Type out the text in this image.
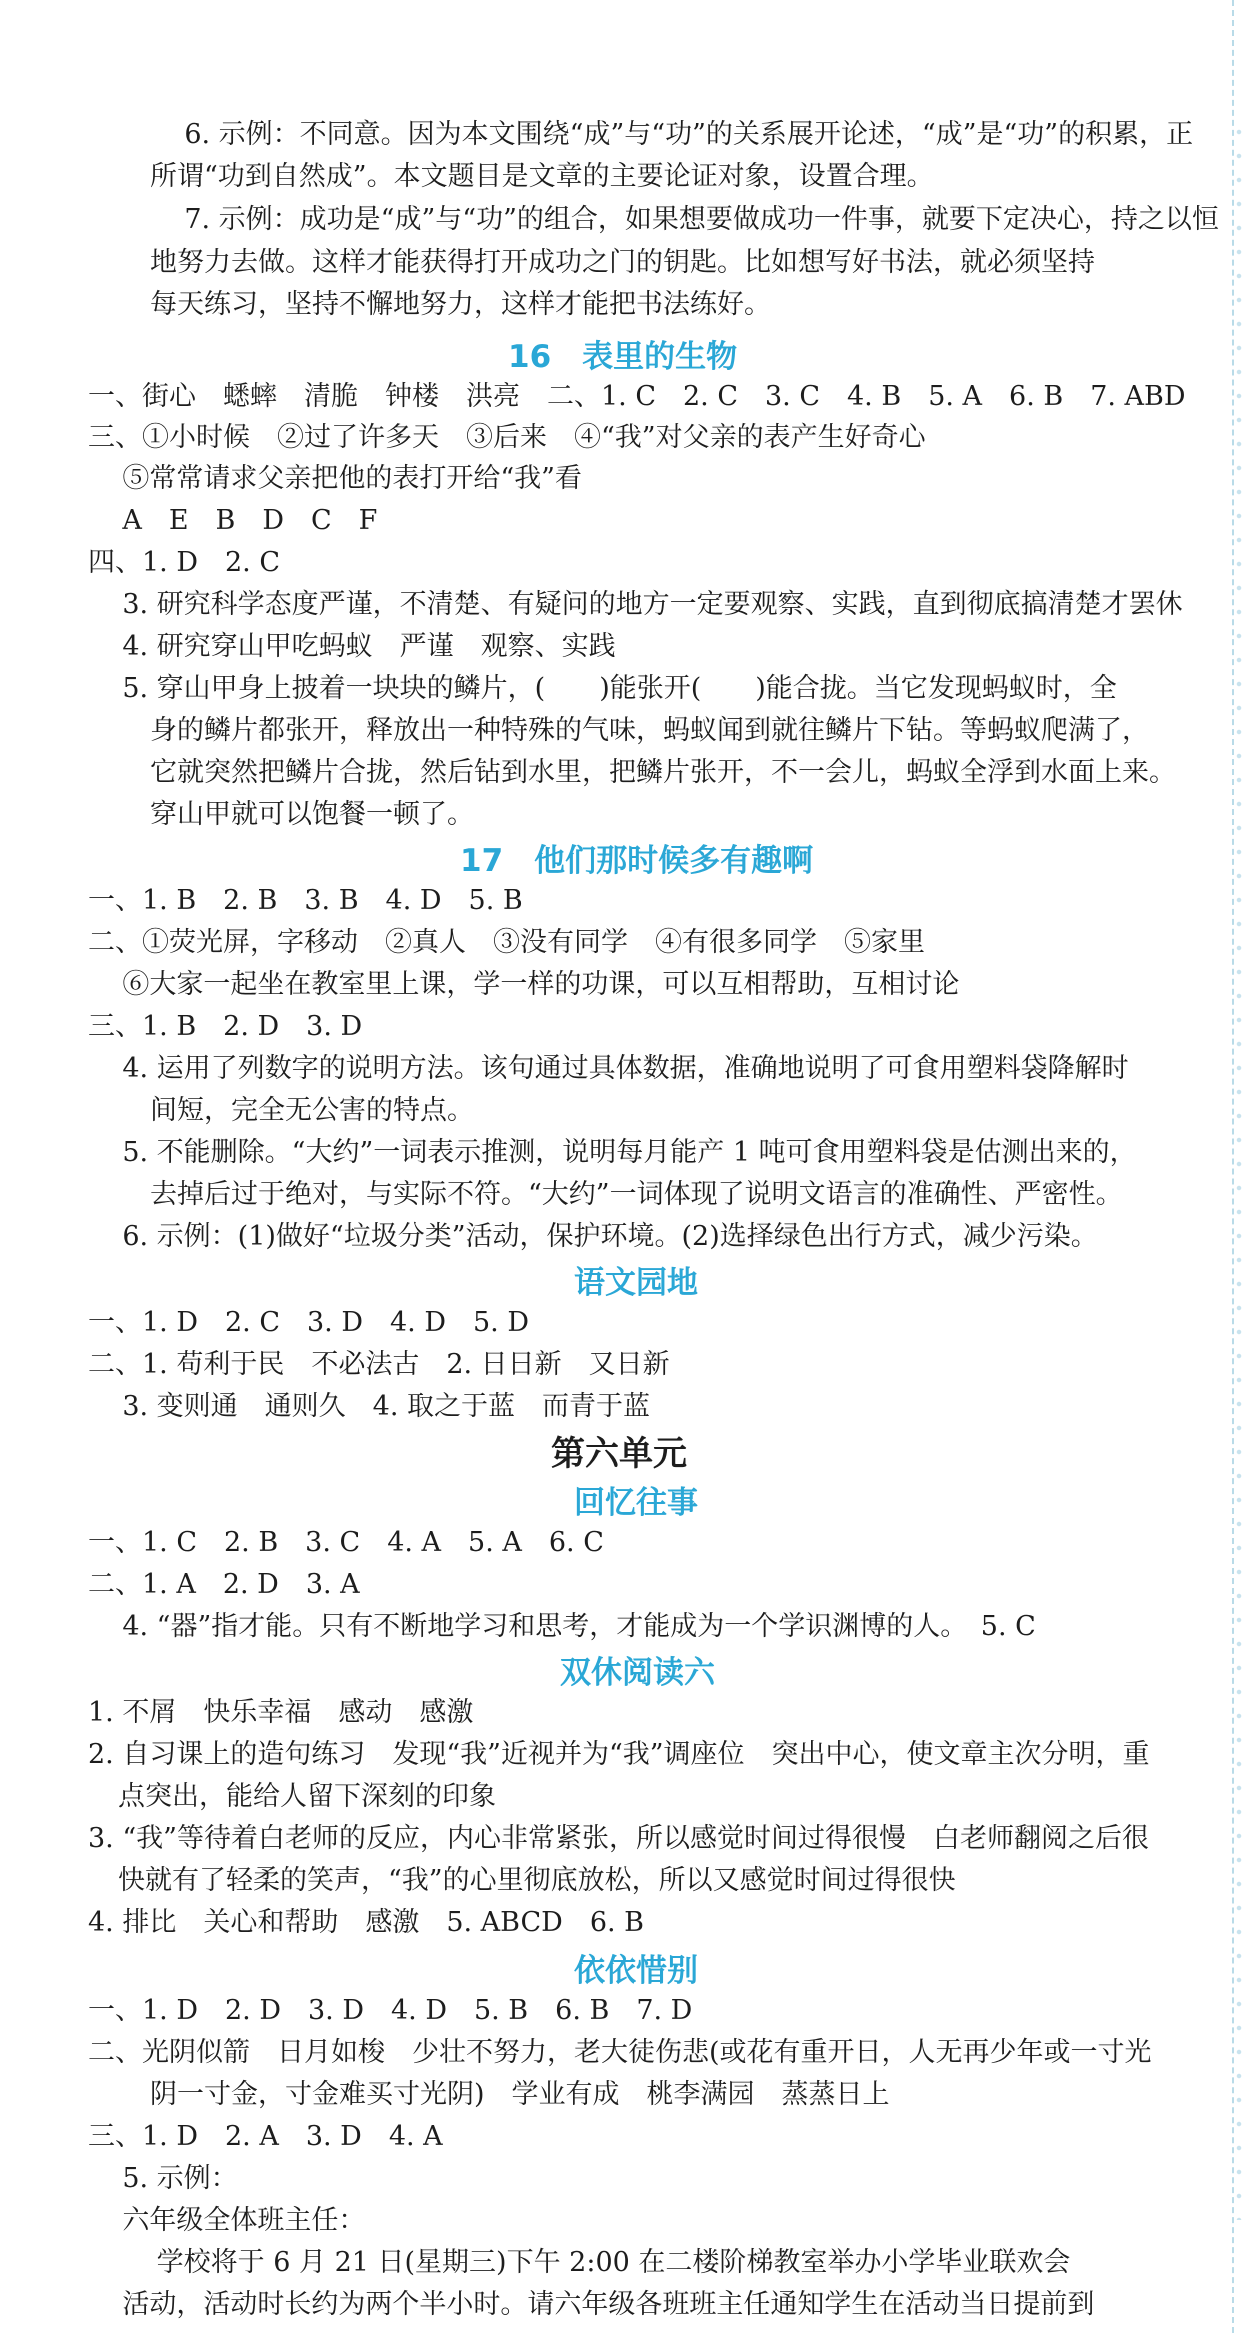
6. 示例：不同意。因为本文围绕“成”与“功”的关系展开论述，“成”是“功”的积累，正
所谓“功到自然成”。本文题目是文章的主要论证对象，设置合理。
7. 示例：成功是“成”与“功”的组合，如果想要做成功一件事，就要下定决心，持之以恒
地努力去做。这样才能获得打开成功之门的钥匙。比如想写好书法，就必须坚持
每天练习，坚持不懈地努力，这样才能把书法练好。
16　表里的生物
一、街心　蟋蟀　清脆　钟楼　洪亮　二、1. C　2. C　3. C　4. B　5. A　6. B　7. ABD
三、①小时候　②过了许多天　③后来　④“我”对父亲的表产生好奇心
⑤常常请求父亲把他的表打开给“我”看
A　E　B　D　C　F
四、1. D　2. C
3. 研究科学态度严谨，不清楚、有疑问的地方一定要观察、实践，直到彻底搞清楚才罢休
4. 研究穿山甲吃蚂蚁　严谨　观察、实践
5. 穿山甲身上披着一块块的鳞片，(　　)能张开(　　)能合拢。当它发现蚂蚁时，全
身的鳞片都张开，释放出一种特殊的气味，蚂蚁闻到就往鳞片下钻。等蚂蚁爬满了，
它就突然把鳞片合拢，然后钻到水里，把鳞片张开，不一会儿，蚂蚁全浮到水面上来。
穿山甲就可以饱餐一顿了。
17　他们那时候多有趣啊
一、1. B　2. B　3. B　4. D　5. B
二、①荧光屏，字移动　②真人　③没有同学　④有很多同学　⑤家里
⑥大家一起坐在教室里上课，学一样的功课，可以互相帮助，互相讨论
三、1. B　2. D　3. D
4. 运用了列数字的说明方法。该句通过具体数据，准确地说明了可食用塑料袋降解时
间短，完全无公害的特点。
5. 不能删除。“大约”一词表示推测，说明每月能产 1 吨可食用塑料袋是估测出来的，
去掉后过于绝对，与实际不符。“大约”一词体现了说明文语言的准确性、严密性。
6. 示例：(1)做好“垃圾分类”活动，保护环境。(2)选择绿色出行方式，减少污染。
语文园地
一、1. D　2. C　3. D　4. D　5. D
二、1. 苟利于民　不必法古　2. 日日新　又日新
3. 变则通　通则久　4. 取之于蓝　而青于蓝
第六单元
回忆往事
一、1. C　2. B　3. C　4. A　5. A　6. C
二、1. A　2. D　3. A
4. “器”指才能。只有不断地学习和思考，才能成为一个学识渊博的人。　5. C
双休阅读六
1. 不屑　快乐幸福　感动　感激
2. 自习课上的造句练习　发现“我”近视并为“我”调座位　突出中心，使文章主次分明，重
点突出，能给人留下深刻的印象
3. “我”等待着白老师的反应，内心非常紧张，所以感觉时间过得很慢　白老师翻阅之后很
快就有了轻柔的笑声，“我”的心里彻底放松，所以又感觉时间过得很快
4. 排比　关心和帮助　感激　5. ABCD　6. B
依依惜别
一、1. D　2. D　3. D　4. D　5. B　6. B　7. D
二、光阴似箭　日月如梭　少壮不努力，老大徒伤悲(或花有重开日，人无再少年或一寸光
阴一寸金，寸金难买寸光阴)　学业有成　桃李满园　蒸蒸日上
三、1. D　2. A　3. D　4. A
5. 示例：
六年级全体班主任：
学校将于 6 月 21 日(星期三)下午 2:00 在二楼阶梯教室举办小学毕业联欢会
活动，活动时长约为两个半小时。请六年级各班班主任通知学生在活动当日提前到
